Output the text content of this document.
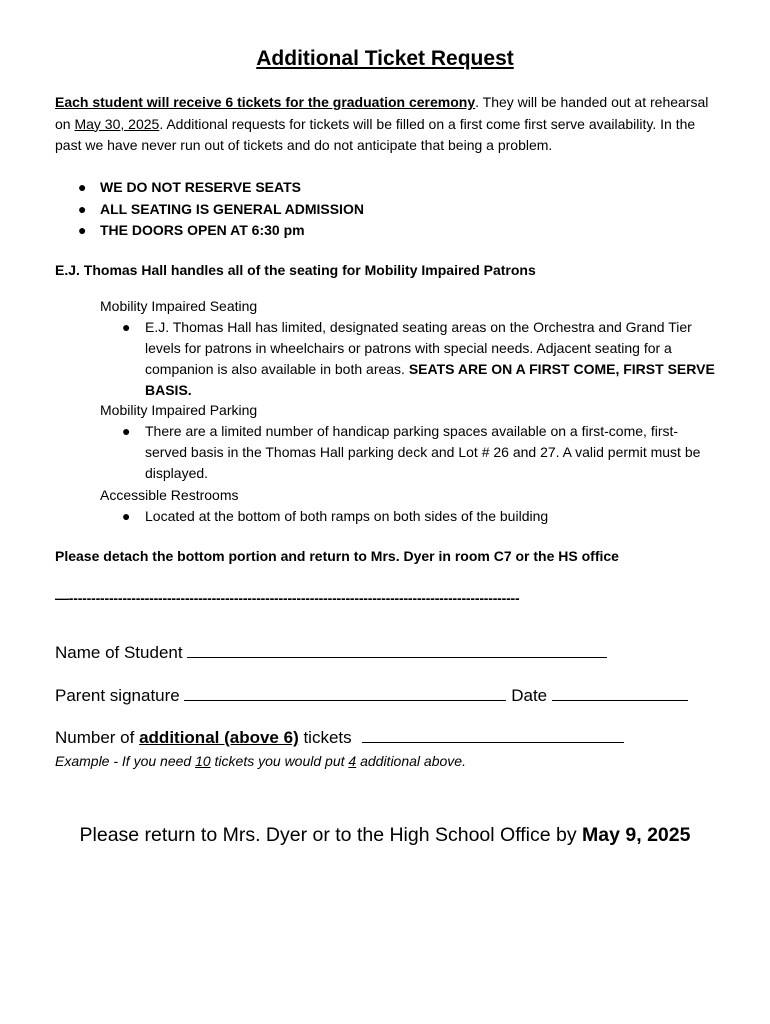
Additional Ticket Request
Each student will receive 6 tickets for the graduation ceremony. They will be handed out at rehearsal on May 30, 2025. Additional requests for tickets will be filled on a first come first serve availability. In the past we have never run out of tickets and do not anticipate that being a problem.
● WE DO NOT RESERVE SEATS
● ALL SEATING IS GENERAL ADMISSION
● THE DOORS OPEN AT 6:30 pm
E.J. Thomas Hall handles all of the seating for Mobility Impaired Patrons
Mobility Impaired Seating

● E.J. Thomas Hall has limited, designated seating areas on the Orchestra and Grand Tier levels for patrons in wheelchairs or patrons with special needs. Adjacent seating for a companion is also available in both areas. SEATS ARE ON A FIRST COME, FIRST SERVE BASIS.

Mobility Impaired Parking

● There are a limited number of handicap parking spaces available on a first-come, first-served basis in the Thomas Hall parking deck and Lot # 26 and 27. A valid permit must be displayed.

Accessible Restrooms

● Located at the bottom of both ramps on both sides of the building

Please detach the bottom portion and return to Mrs. Dyer in room C7 or the HS office
—-----------------------------------------------------------------------------------------------------
Name of Student
Parent signature	Date
Number of additional (above 6) tickets
Example - If you need 10 tickets you would put 4 additional above.
Please return to Mrs. Dyer or to the High School Office by May 9, 2025
